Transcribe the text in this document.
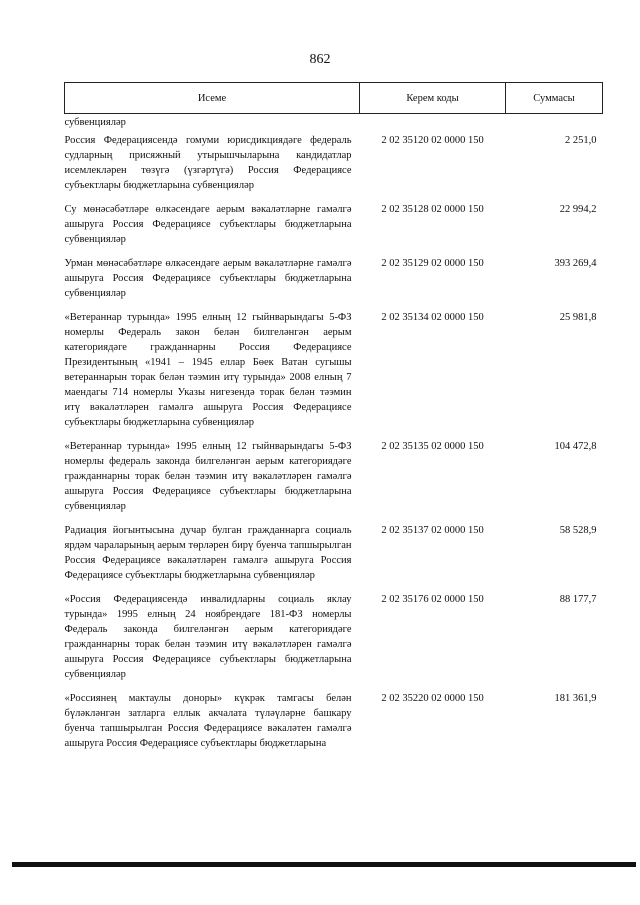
862
Исеме	Керем коды	Суммасы
субвенцияләр		
Россия Федерациясендә гомуми юрисдикциядәге федераль судларның присяжный утырышчыларына кандидатлар исемлекләрен төзүгә (үзгәртүгә) Россия Федерациясе субъектлары бюджетларына субвенцияләр	2 02 35120 02 0000 150	2 251,0
Су мөнәсәбәтләре өлкәсендәге аерым вәкаләтләрне гамәлгә ашыруга Россия Федерациясе субъектлары бюджетларына субвенцияләр	2 02 35128 02 0000 150	22 994,2
Урман мөнәсәбәтләре өлкәсендәге аерым вәкаләтләрне гамәлгә ашыруга Россия Федерациясе субъектлары бюджетларына субвенцияләр	2 02 35129 02 0000 150	393 269,4
«Ветераннар турында» 1995 елның 12 гыйнварындагы 5-ФЗ номерлы Федераль закон белән билгеләнгән аерым категориядәге гражданнарны Россия Федерациясе Президентының «1941 – 1945 еллар Бөек Ватан сугышы ветераннарын торак белән тәэмин итү турында» 2008 елның 7 маендагы 714 номерлы Указы нигезендә торак белән тәэмин итү вәкаләтләрен гамәлгә ашыруга Россия Федерациясе субъектлары бюджетларына субвенцияләр	2 02 35134 02 0000 150	25 981,8
«Ветераннар турында» 1995 елның 12 гыйнварындагы 5-ФЗ номерлы федераль законда билгеләнгән аерым категориядәге гражданнарны торак белән тәэмин итү вәкаләтләрен гамәлгә ашыруга Россия Федерациясе субъектлары бюджетларына субвенцияләр	2 02 35135 02 0000 150	104 472,8
Радиация йогынтысына дучар булган гражданнарга социаль ярдәм чараларының аерым төрләрен бирү буенча тапшырылган Россия Федерациясе вәкаләтләрен гамәлгә ашыруга Россия Федерациясе субъектлары бюджетларына субвенцияләр	2 02 35137 02 0000 150	58 528,9
«Россия Федерациясендә инвалидларны социаль яклау турында» 1995 елның 24 ноябрендәге 181-ФЗ номерлы Федераль законда билгеләнгән аерым категориядәге гражданнарны торак белән тәэмин итү вәкаләтләрен гамәлгә ашыруга Россия Федерациясе субъектлары бюджетларына субвенцияләр	2 02 35176 02 0000 150	88 177,7
«Россиянең мактаулы доноры» күкрәк тамгасы белән бүләкләнгән затларга еллык акчалата түләүләрне башкару буенча тапшырылган Россия Федерациясе вәкаләтен гамәлгә ашыруга Россия Федерациясе субъектлары бюджетларына	2 02 35220 02 0000 150	181 361,9
